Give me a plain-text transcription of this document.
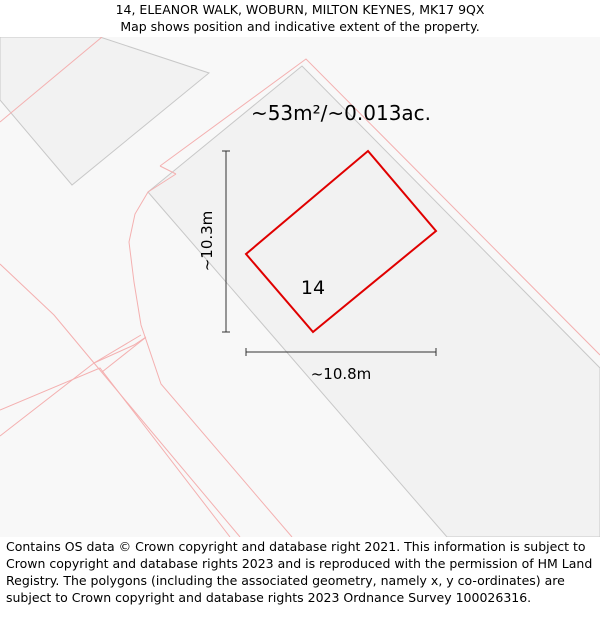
14, ELEANOR WALK, WOBURN, MILTON KEYNES, MK17 9QX
Map shows position and indicative extent of the property.
~53m²/~0.013ac.
14
~10.3m
~10.8m
Contains OS data © Crown copyright and database right 2021. This information is subject to Crown copyright and database rights 2023 and is reproduced with the permission of HM Land Registry. The polygons (including the associated geometry, namely x, y co-ordinates) are subject to Crown copyright and database rights 2023 Ordnance Survey 100026316.
